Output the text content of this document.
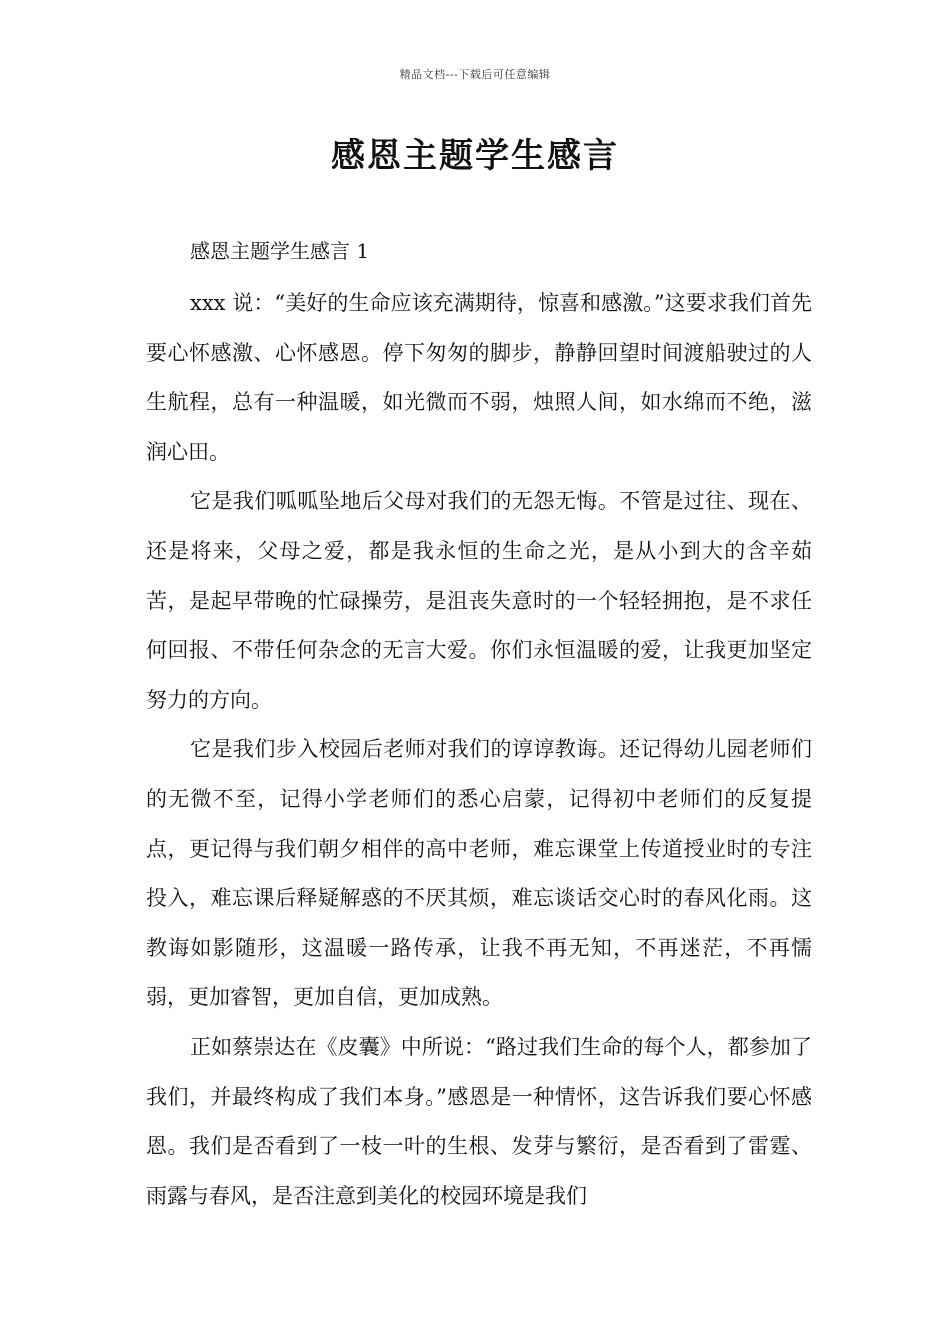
精品文档---下载后可任意编辑
感恩主题学生感言

感恩主题学生感言 1

xxx 说：“美好的生命应该充满期待，惊喜和感激。”这要求我们首先要心怀感激、心怀感恩。停下匆匆的脚步，静静回望时间渡船驶过的人生航程，总有一种温暖，如光微而不弱，烛照人间，如水绵而不绝，滋润心田。

它是我们呱呱坠地后父母对我们的无怨无悔。不管是过往、现在、还是将来，父母之爱，都是我永恒的生命之光，是从小到大的含辛茹苦，是起早带晚的忙碌操劳，是沮丧失意时的一个轻轻拥抱，是不求任何回报、不带任何杂念的无言大爱。你们永恒温暖的爱，让我更加坚定努力的方向。

它是我们步入校园后老师对我们的谆谆教诲。还记得幼儿园老师们的无微不至，记得小学老师们的悉心启蒙，记得初中老师们的反复提点，更记得与我们朝夕相伴的高中老师，难忘课堂上传道授业时的专注投入，难忘课后释疑解惑的不厌其烦，难忘谈话交心时的春风化雨。这教诲如影随形，这温暖一路传承，让我不再无知，不再迷茫，不再懦弱，更加睿智，更加自信，更加成熟。

正如蔡崇达在《皮囊》中所说：“路过我们生命的每个人，都参加了我们，并最终构成了我们本身。”感恩是一种情怀，这告诉我们要心怀感恩。我们是否看到了一枝一叶的生根、发芽与繁衍，是否看到了雷霆、雨露与春风，是否注意到美化的校园环境是我们
